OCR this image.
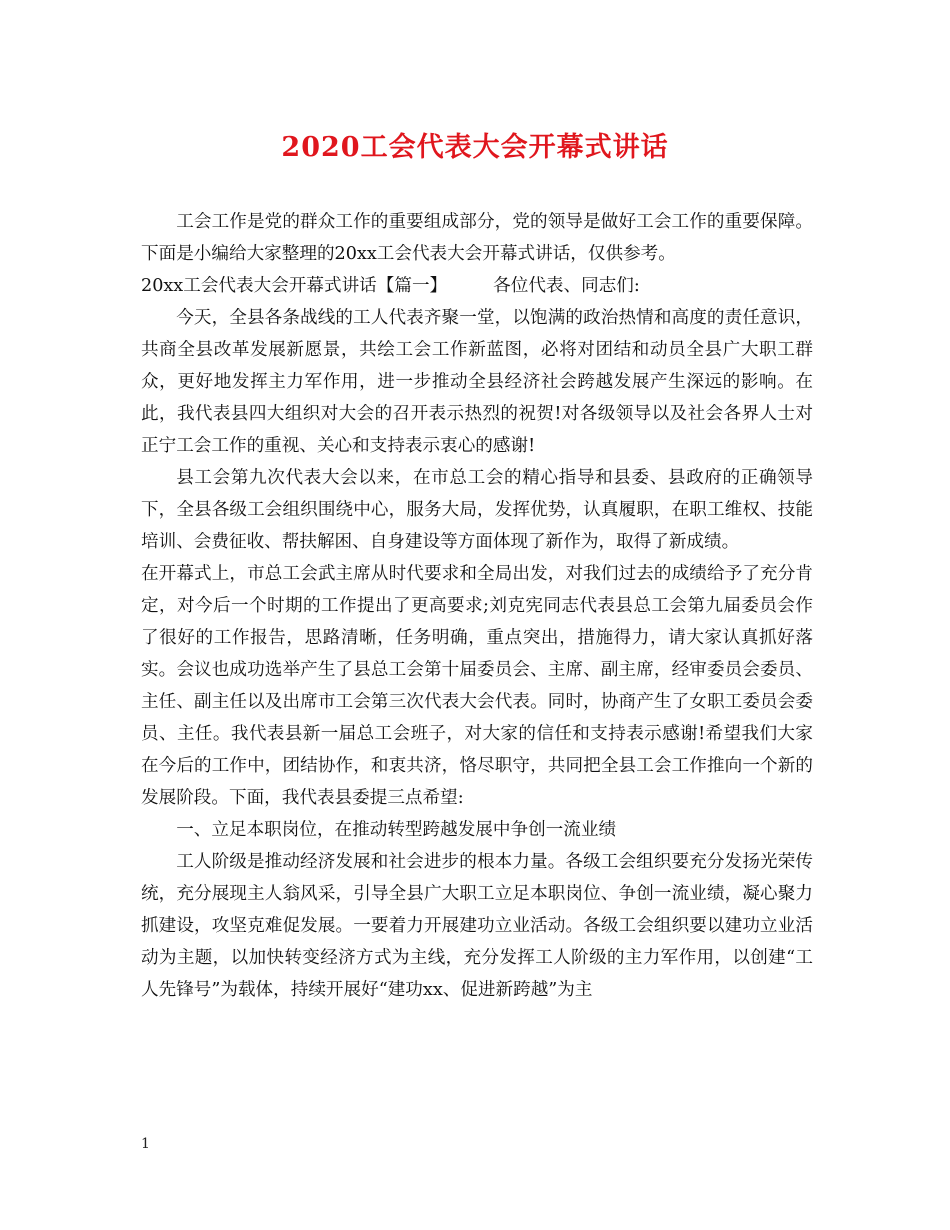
2020工会代表大会开幕式讲话

工会工作是党的群众工作的重要组成部分，党的领导是做好工会工作的重要保障。下面是小编给大家整理的20xx工会代表大会开幕式讲话，仅供参考。

20xx工会代表大会开幕式讲话【篇一】	各位代表、同志们:

今天，全县各条战线的工人代表齐聚一堂，以饱满的政治热情和高度的责任意识，共商全县改革发展新愿景，共绘工会工作新蓝图，必将对团结和动员全县广大职工群众，更好地发挥主力军作用，进一步推动全县经济社会跨越发展产生深远的影响。在此，我代表县四大组织对大会的召开表示热烈的祝贺!对各级领导以及社会各界人士对正宁工会工作的重视、关心和支持表示衷心的感谢!

县工会第九次代表大会以来，在市总工会的精心指导和县委、县政府的正确领导下，全县各级工会组织围绕中心，服务大局，发挥优势，认真履职，在职工维权、技能培训、会费征收、帮扶解困、自身建设等方面体现了新作为，取得了新成绩。

在开幕式上，市总工会武主席从时代要求和全局出发，对我们过去的成绩给予了充分肯定，对今后一个时期的工作提出了更高要求;刘克宪同志代表县总工会第九届委员会作了很好的工作报告，思路清晰，任务明确，重点突出，措施得力，请大家认真抓好落实。会议也成功选举产生了县总工会第十届委员会、主席、副主席，经审委员会委员、主任、副主任以及出席市工会第三次代表大会代表。同时，协商产生了女职工委员会委员、主任。我代表县新一届总工会班子，对大家的信任和支持表示感谢!希望我们大家在今后的工作中，团结协作，和衷共济，恪尽职守，共同把全县工会工作推向一个新的发展阶段。下面，我代表县委提三点希望:

一、立足本职岗位，在推动转型跨越发展中争创一流业绩

工人阶级是推动经济发展和社会进步的根本力量。各级工会组织要充分发扬光荣传统，充分展现主人翁风采，引导全县广大职工立足本职岗位、争创一流业绩，凝心聚力抓建设，攻坚克难促发展。一要着力开展建功立业活动。各级工会组织要以建功立业活动为主题，以加快转变经济方式为主线，充分发挥工人阶级的主力军作用，以创建“工人先锋号”为载体，持续开展好“建功xx、促进新跨越”为主

1
